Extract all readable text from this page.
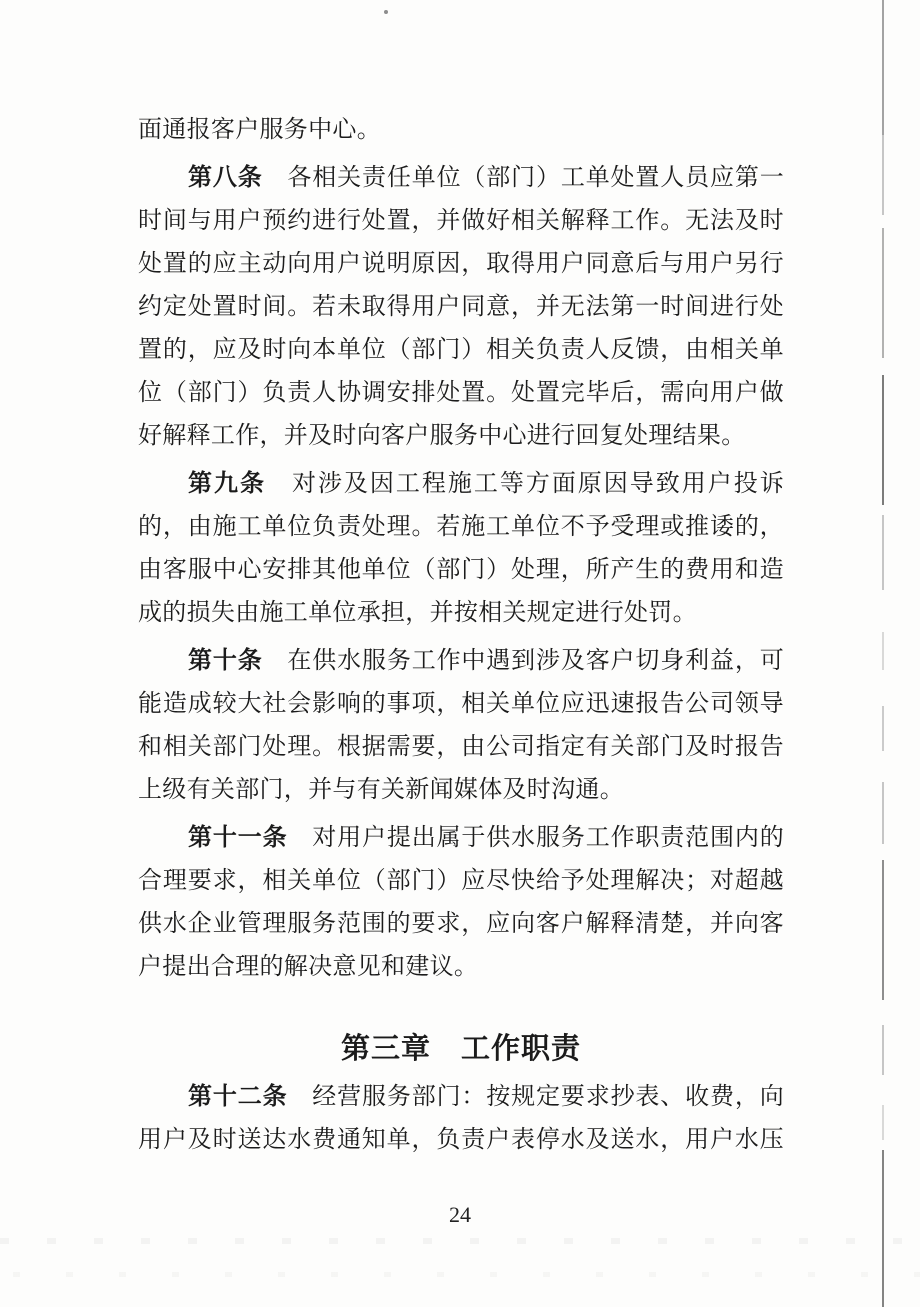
面通报客户服务中心。
第八条　各相关责任单位（部门）工单处置人员应第一
时间与用户预约进行处置，并做好相关解释工作。无法及时
处置的应主动向用户说明原因，取得用户同意后与用户另行
约定处置时间。若未取得用户同意，并无法第一时间进行处
置的，应及时向本单位（部门）相关负责人反馈，由相关单
位（部门）负责人协调安排处置。处置完毕后，需向用户做
好解释工作，并及时向客户服务中心进行回复处理结果。
第九条　对涉及因工程施工等方面原因导致用户投诉
的，由施工单位负责处理。若施工单位不予受理或推诿的，
由客服中心安排其他单位（部门）处理，所产生的费用和造
成的损失由施工单位承担，并按相关规定进行处罚。
第十条　在供水服务工作中遇到涉及客户切身利益，可
能造成较大社会影响的事项，相关单位应迅速报告公司领导
和相关部门处理。根据需要，由公司指定有关部门及时报告
上级有关部门，并与有关新闻媒体及时沟通。
第十一条　对用户提出属于供水服务工作职责范围内的
合理要求，相关单位（部门）应尽快给予处理解决；对超越
供水企业管理服务范围的要求，应向客户解释清楚，并向客
户提出合理的解决意见和建议。
第三章　工作职责
第十二条　经营服务部门：按规定要求抄表、收费，向
用户及时送达水费通知单，负责户表停水及送水，用户水压
24
